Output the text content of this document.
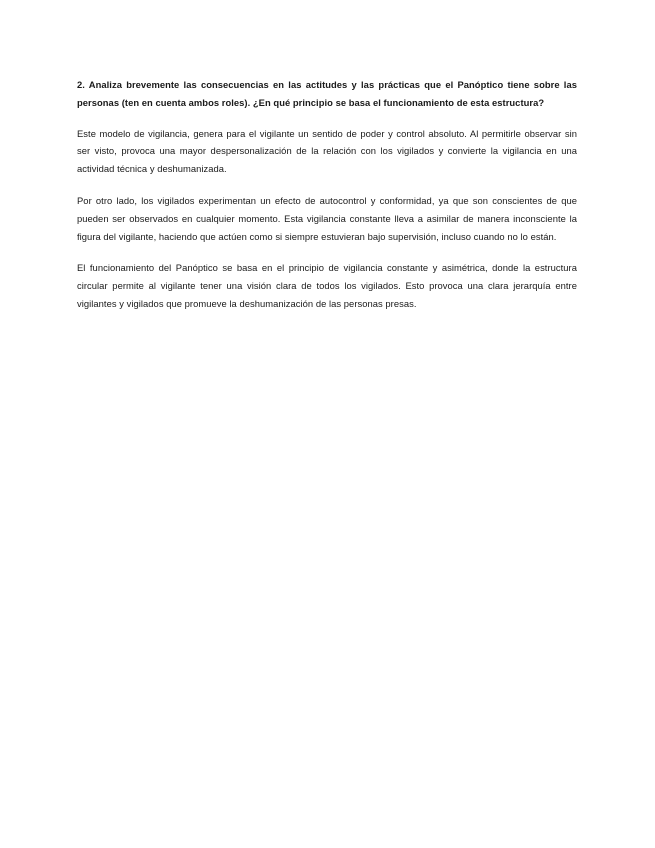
2. Analiza brevemente las consecuencias en las actitudes y las prácticas que el Panóptico tiene sobre las personas (ten en cuenta ambos roles). ¿En qué principio se basa el funcionamiento de esta estructura?

Este modelo de vigilancia, genera para el vigilante un sentido de poder y control absoluto. Al permitirle observar sin ser visto, provoca una mayor despersonalización de la relación con los vigilados y convierte la vigilancia en una actividad técnica y deshumanizada.

Por otro lado, los vigilados experimentan un efecto de autocontrol y conformidad, ya que son conscientes de que pueden ser observados en cualquier momento. Esta vigilancia constante lleva a asimilar de manera inconsciente la figura del vigilante, haciendo que actúen como si siempre estuvieran bajo supervisión, incluso cuando no lo están.

El funcionamiento del Panóptico se basa en el principio de vigilancia constante y asimétrica, donde la estructura circular permite al vigilante tener una visión clara de todos los vigilados. Esto provoca una clara jerarquía entre vigilantes y vigilados que promueve la deshumanización de las personas presas.
